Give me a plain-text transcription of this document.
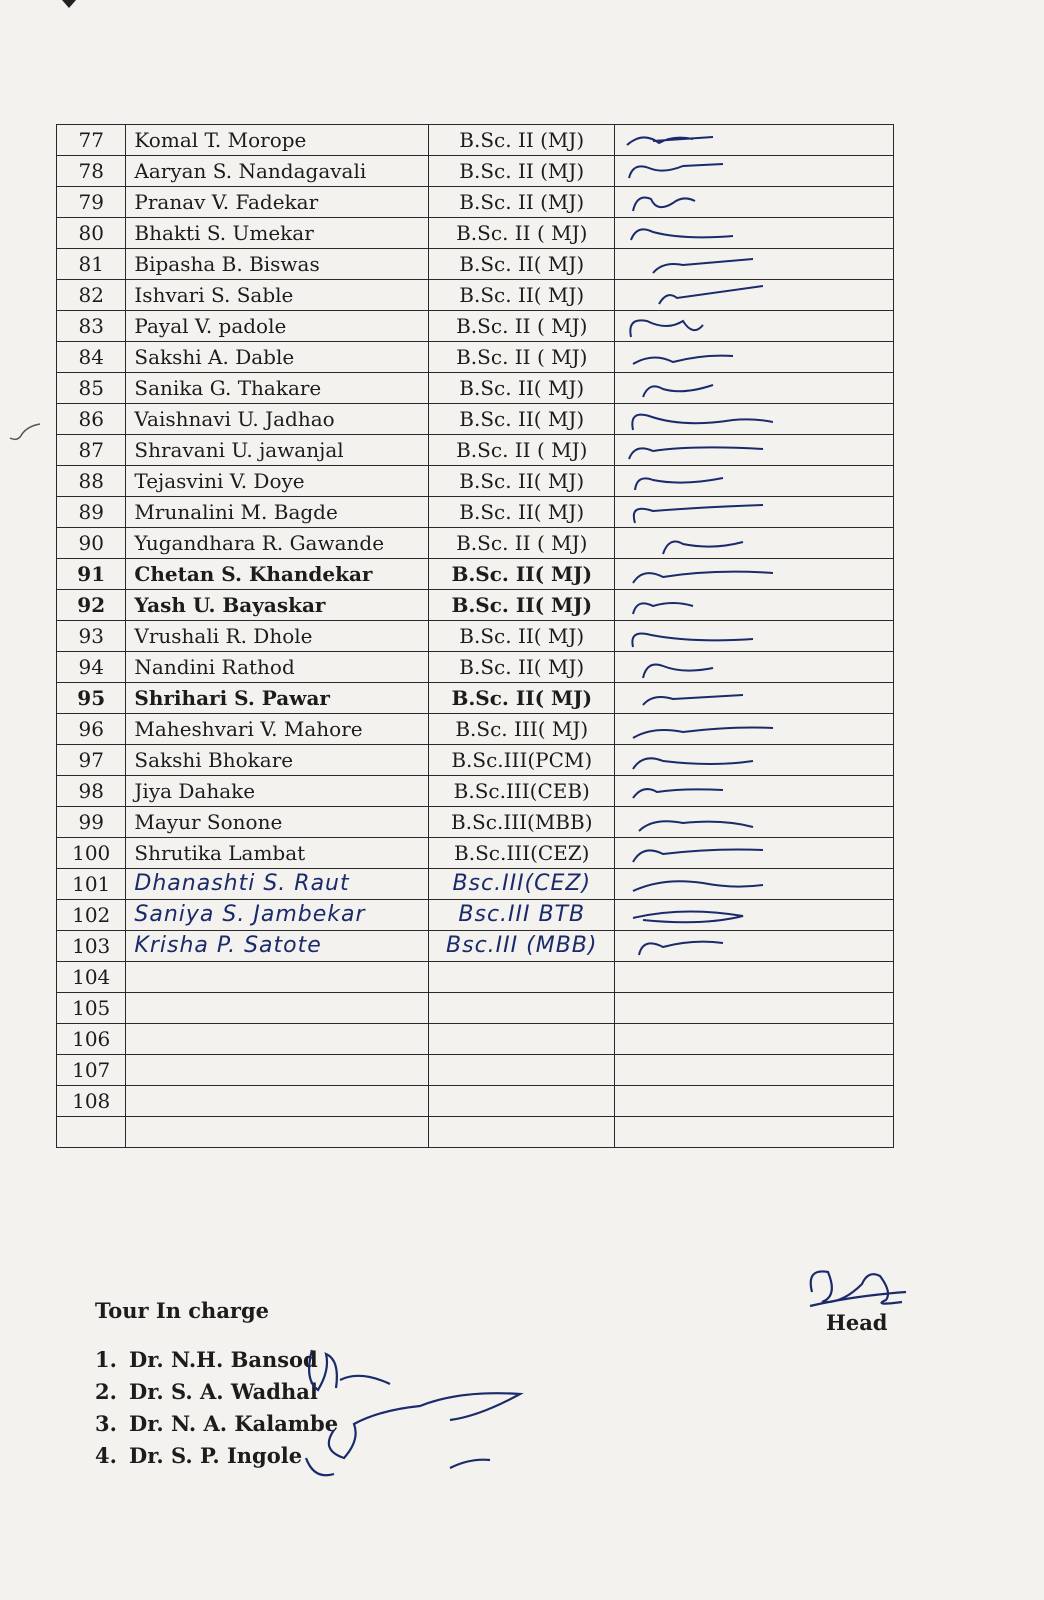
77	Komal T. Morope	B.Sc. II (MJ)	

78	Aaryan S. Nandagavali	B.Sc. II (MJ)	

79	Pranav V. Fadekar	B.Sc. II (MJ)	

80	Bhakti S. Umekar	B.Sc. II ( MJ)	

81	Bipasha B. Biswas	B.Sc. II( MJ)	

82	Ishvari S. Sable	B.Sc. II( MJ)	

83	Payal V. padole	B.Sc. II ( MJ)	

84	Sakshi A. Dable	B.Sc. II ( MJ)	

85	Sanika G. Thakare	B.Sc. II( MJ)	

86	Vaishnavi U. Jadhao	B.Sc. II( MJ)	

87	Shravani U. jawanjal	B.Sc. II ( MJ)	

88	Tejasvini V. Doye	B.Sc. II( MJ)	

89	Mrunalini M. Bagde	B.Sc. II( MJ)	

90	Yugandhara R. Gawande	B.Sc. II ( MJ)	

91	Chetan S. Khandekar	B.Sc. II( MJ)	

92	Yash U. Bayaskar	B.Sc. II( MJ)	

93	Vrushali R. Dhole	B.Sc. II( MJ)	

94	Nandini Rathod	B.Sc. II( MJ)	

95	Shrihari S. Pawar	B.Sc. II( MJ)	

96	Maheshvari V. Mahore	B.Sc. III( MJ)	

97	Sakshi Bhokare	B.Sc.III(PCM)	

98	Jiya Dahake	B.Sc.III(CEB)	

99	Mayur Sonone	B.Sc.III(MBB)	

100	Shrutika Lambat	B.Sc.III(CEZ)	

101	Dhanashti S. Raut	Bsc.III(CEZ)	

102	Saniya S. Jambekar	Bsc.III BTB	

103	Krisha P. Satote	Bsc.III (MBB)	

104			
105			
106			
107			
108			

Tour In charge
1. Dr. N.H. Bansod
2. Dr. S. A. Wadhal
3. Dr. N. A. Kalambe
4. Dr. S. P. Ingole
Head
